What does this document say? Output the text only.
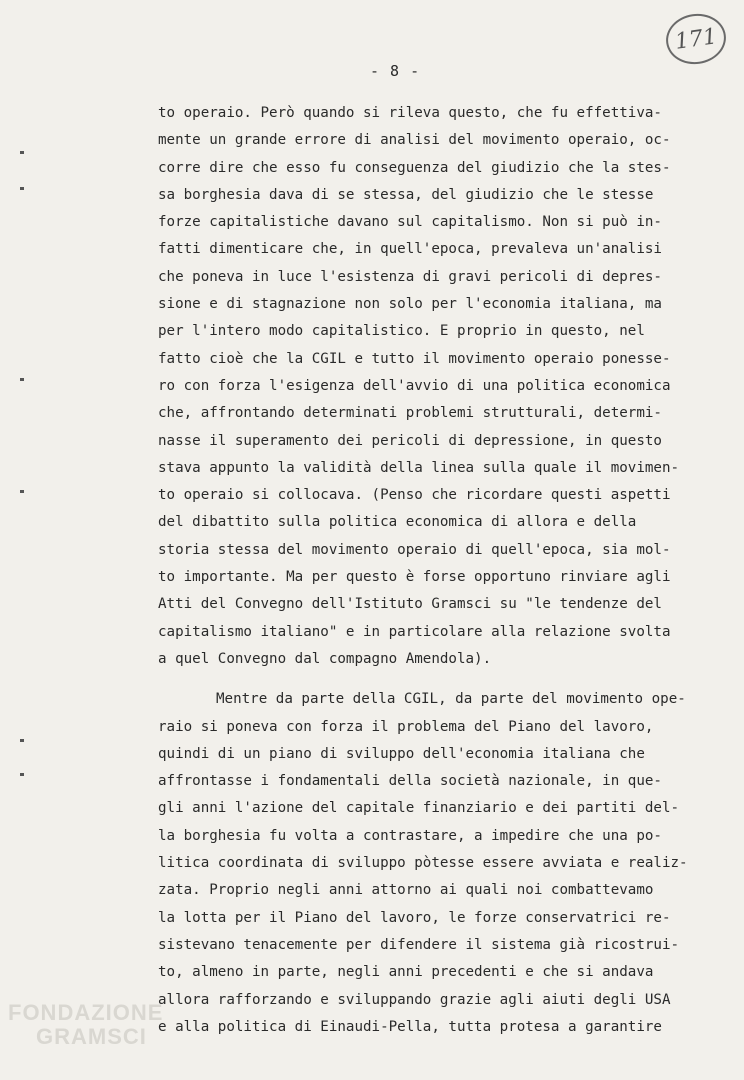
171
- 8 -
to operaio. Però quando si rileva questo, che fu effettiva-
mente un grande errore di analisi del movimento operaio, oc-
corre dire che esso fu conseguenza del giudizio che la stes-
sa borghesia dava di se stessa, del giudizio che le stesse
forze capitalistiche davano sul capitalismo. Non si può in-
fatti dimenticare che, in quell'epoca, prevaleva un'analisi
che poneva in luce l'esistenza di gravi pericoli di depres-
sione e di stagnazione non solo per l'economia italiana, ma
per l'intero modo capitalistico. E proprio in questo, nel
fatto cioè che la CGIL e tutto il movimento operaio ponesse-
ro con forza l'esigenza dell'avvio di una politica economica
che, affrontando determinati problemi strutturali, determi-
nasse il superamento dei pericoli di depressione, in questo
stava appunto la validità della linea sulla quale il movimen-
to operaio si collocava. (Penso che ricordare questi aspetti
del dibattito sulla politica economica di allora e della
storia stessa del movimento operaio di quell'epoca, sia mol-
to importante. Ma per questo è forse opportuno rinviare agli
Atti del Convegno dell'Istituto Gramsci su "le tendenze del
capitalismo italiano" e in particolare alla relazione svolta
a quel Convegno dal compagno Amendola).
Mentre da parte della CGIL, da parte del movimento ope-
raio si poneva con forza il problema del Piano del lavoro,
quindi di un piano di sviluppo dell'economia italiana che
affrontasse i fondamentali della società nazionale, in que-
gli anni l'azione del capitale finanziario e dei partiti del-
la borghesia fu volta a contrastare, a impedire che una po-
litica coordinata di sviluppo pòtesse essere avviata e realiz-
zata. Proprio negli anni attorno ai quali noi combattevamo
la lotta per il Piano del lavoro, le forze conservatrici re-
sistevano tenacemente per difendere il sistema già ricostrui-
to, almeno in parte, negli anni precedenti e che si andava
allora rafforzando e sviluppando grazie agli aiuti degli USA
e alla politica di Einaudi-Pella, tutta protesa a garantire
FONDAZIONE
GRAMSCI
